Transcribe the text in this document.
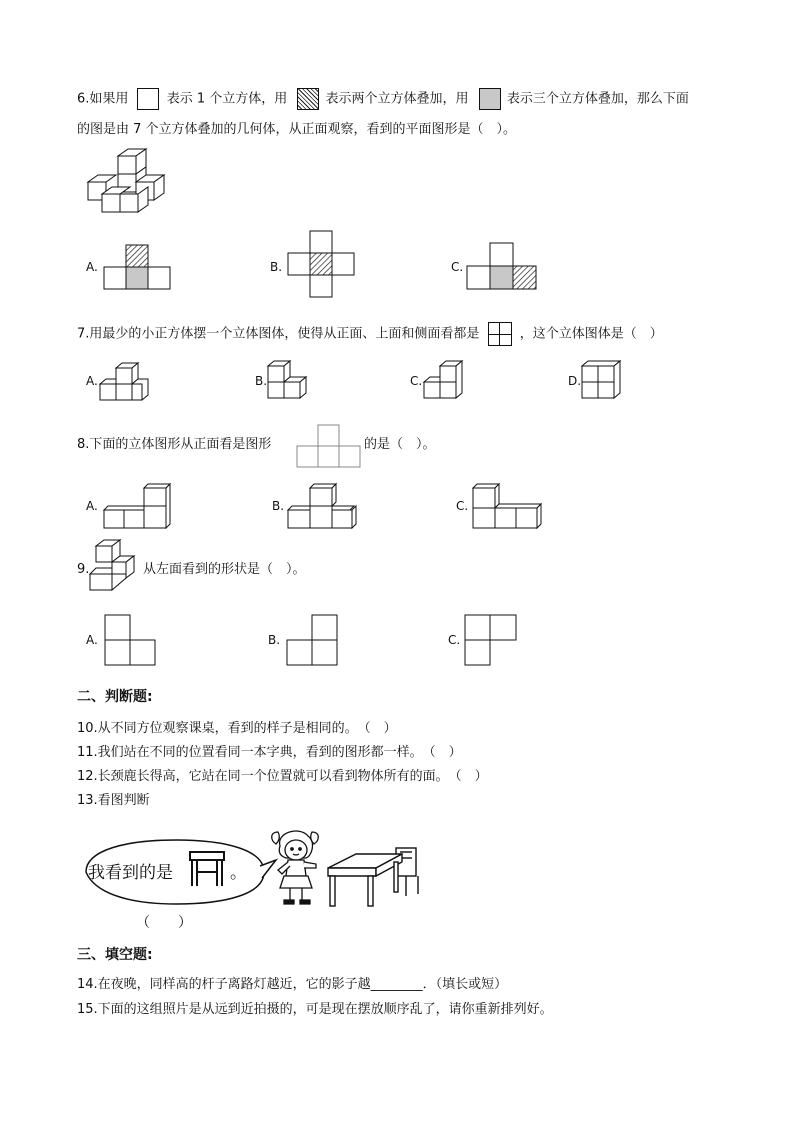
6.如果用	表示 1 个立方体，用	表示两个立方体叠加，用	表示三个立方体叠加，那么下面
的图是由 7 个立方体叠加的几何体，从正面观察，看到的平面图形是（　）。
A.	B.	C.
7.用最少的小正方体摆一个立体图体，使得从正面、上面和侧面看都是	，这个立体图体是（　）
A.	B.	C.	D.
8.下面的立体图形从正面看是图形	的是（　）。
A.	B.	C.
9.	从左面看到的形状是（　）。
A.	B.	C.
二、判断题:
10.从不同方位观察课桌，看到的样子是相同的。　（　）
11.我们站在不同的位置看同一本字典，看到的图形都一样。　（　）
12.长颈鹿长得高，它站在同一个位置就可以看到物体所有的面。　（　）
13.看图判断
我看到的是	。
（　　）
三、填空题:
14.在夜晚，同样高的杆子离路灯越近，它的影子越________．（填长或短）
15.下面的这组照片是从远到近拍摄的，可是现在摆放顺序乱了，请你重新排列好。
